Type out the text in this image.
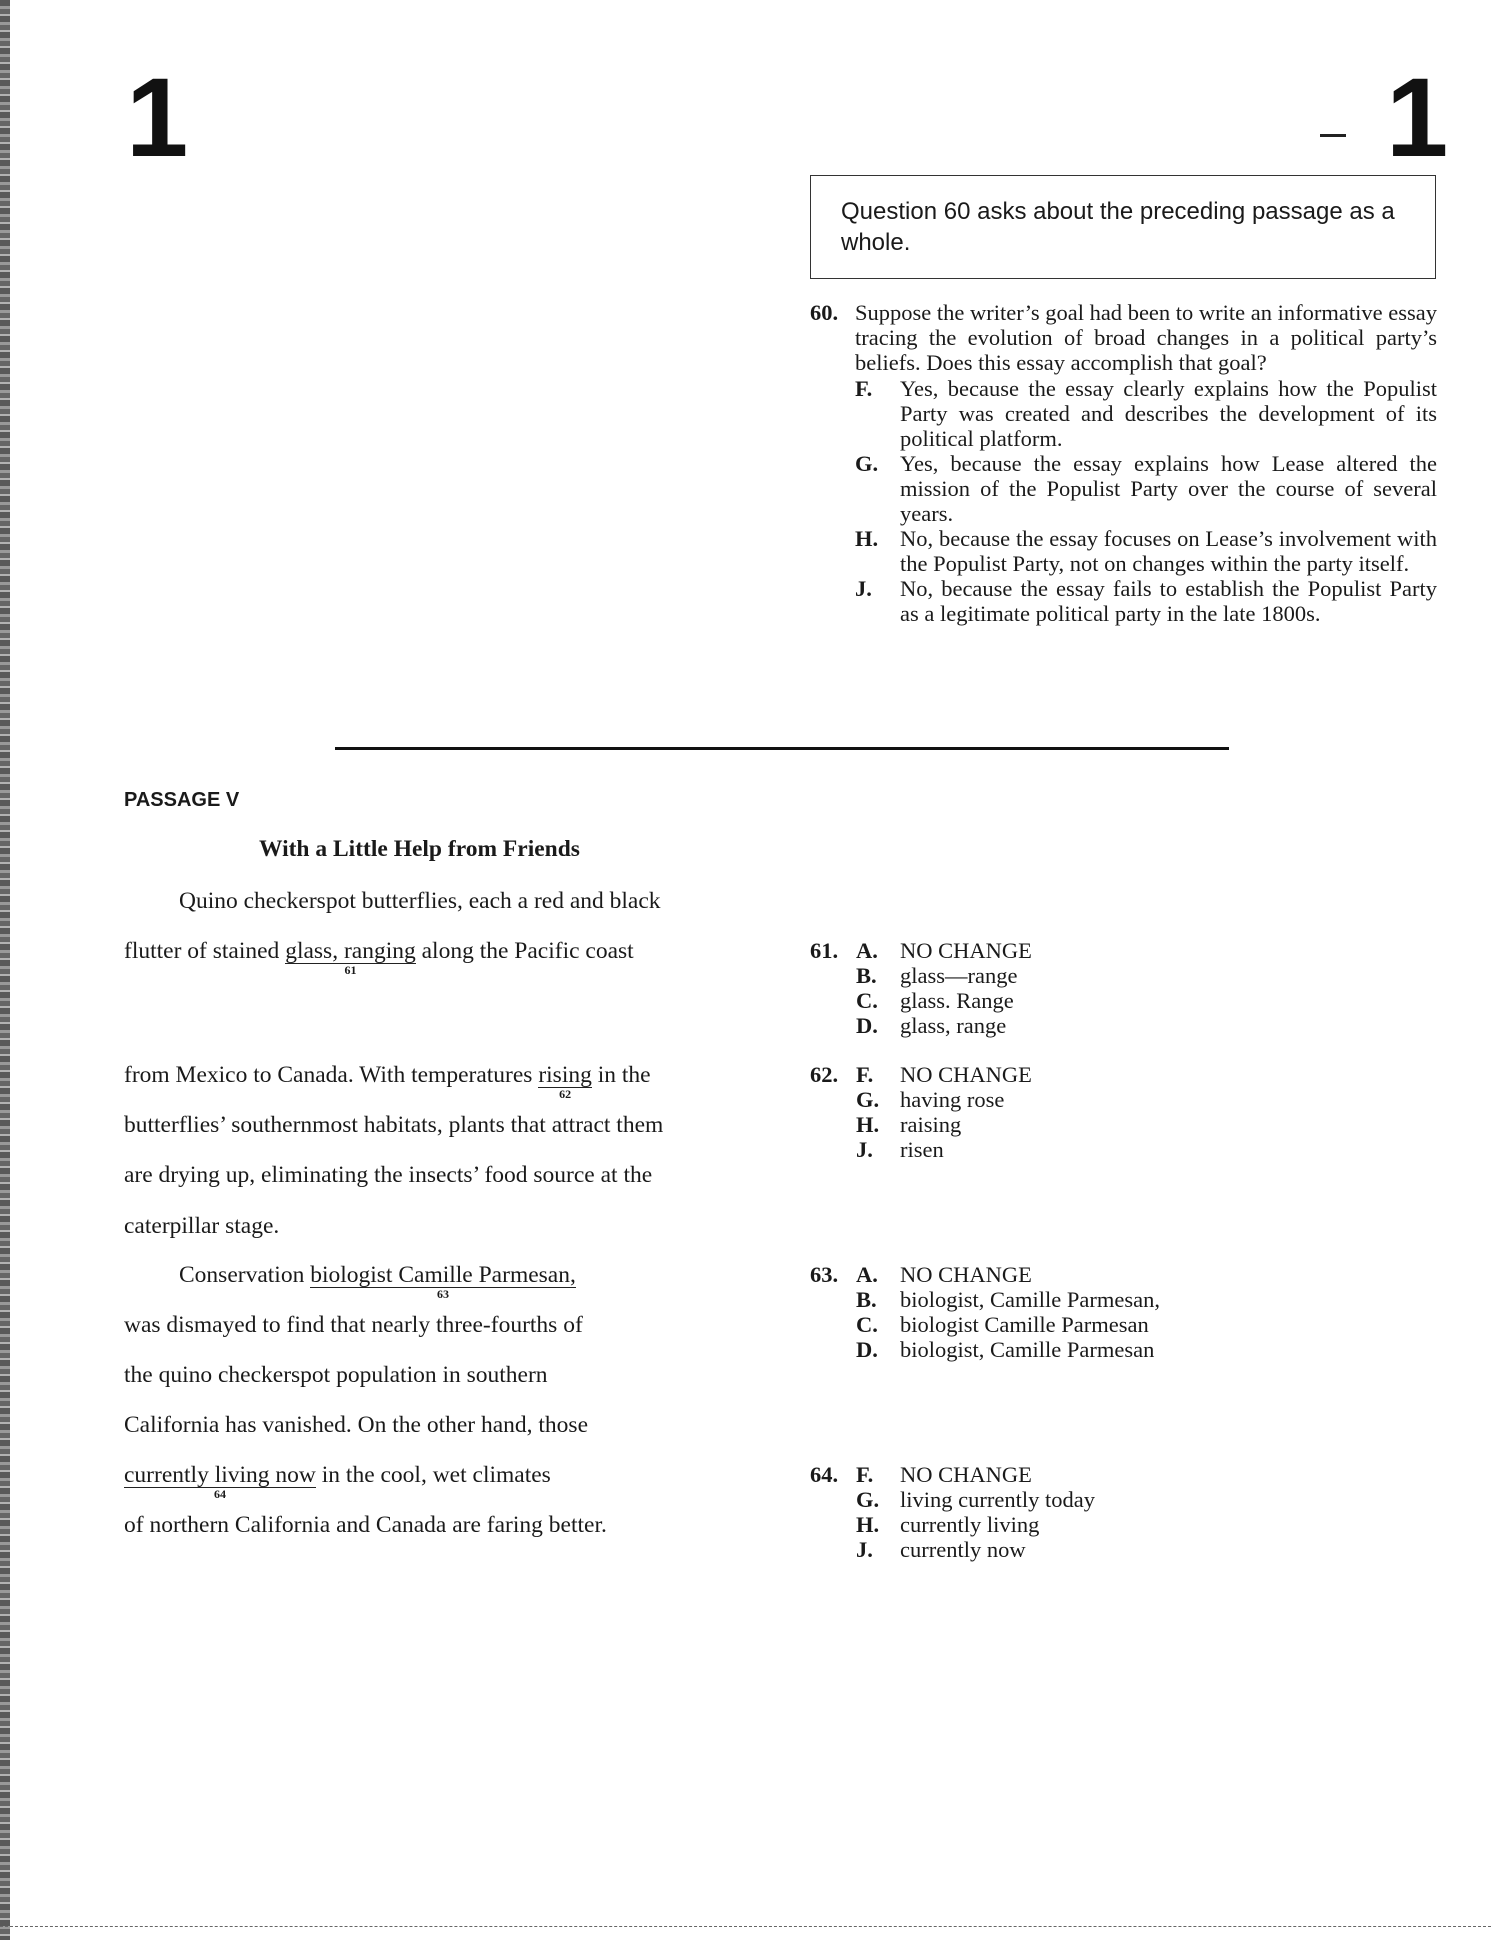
1	1
Question 60 asks about the preceding passage as a whole.
60. Suppose the writer’s goal had been to write an informative essay tracing the evolution of broad changes in a political party’s beliefs. Does this essay accomplish that goal?
F. Yes, because the essay clearly explains how the Populist Party was created and describes the development of its political platform.
G. Yes, because the essay explains how Lease altered the mission of the Populist Party over the course of several years.
H. No, because the essay focuses on Lease’s involvement with the Populist Party, not on changes within the party itself.
J. No, because the essay fails to establish the Populist Party as a legitimate political party in the late 1800s.
PASSAGE V
With a Little Help from Friends
Quino checkerspot butterflies, each a red and black
flutter of stained glass, ranging
61
along the Pacific coast
from Mexico to Canada. With temperatures rising
62
in the
butterflies’ southernmost habitats, plants that attract them
are drying up, eliminating the insects’ food source at the
caterpillar stage.
Conservation biologist Camille Parmesan,
63
was dismayed to find that nearly three-fourths of
the quino checkerspot population in southern
California has vanished. On the other hand, those
currently living now
64
in the cool, wet climates
of northern California and Canada are faring better.
61. A. NO CHANGE
B. glass—range
C. glass. Range
D. glass, range
62. F. NO CHANGE
G. having rose
H. raising
J. risen
63. A. NO CHANGE
B. biologist, Camille Parmesan,
C. biologist Camille Parmesan
D. biologist, Camille Parmesan
64. F. NO CHANGE
G. living currently today
H. currently living
J. currently now
